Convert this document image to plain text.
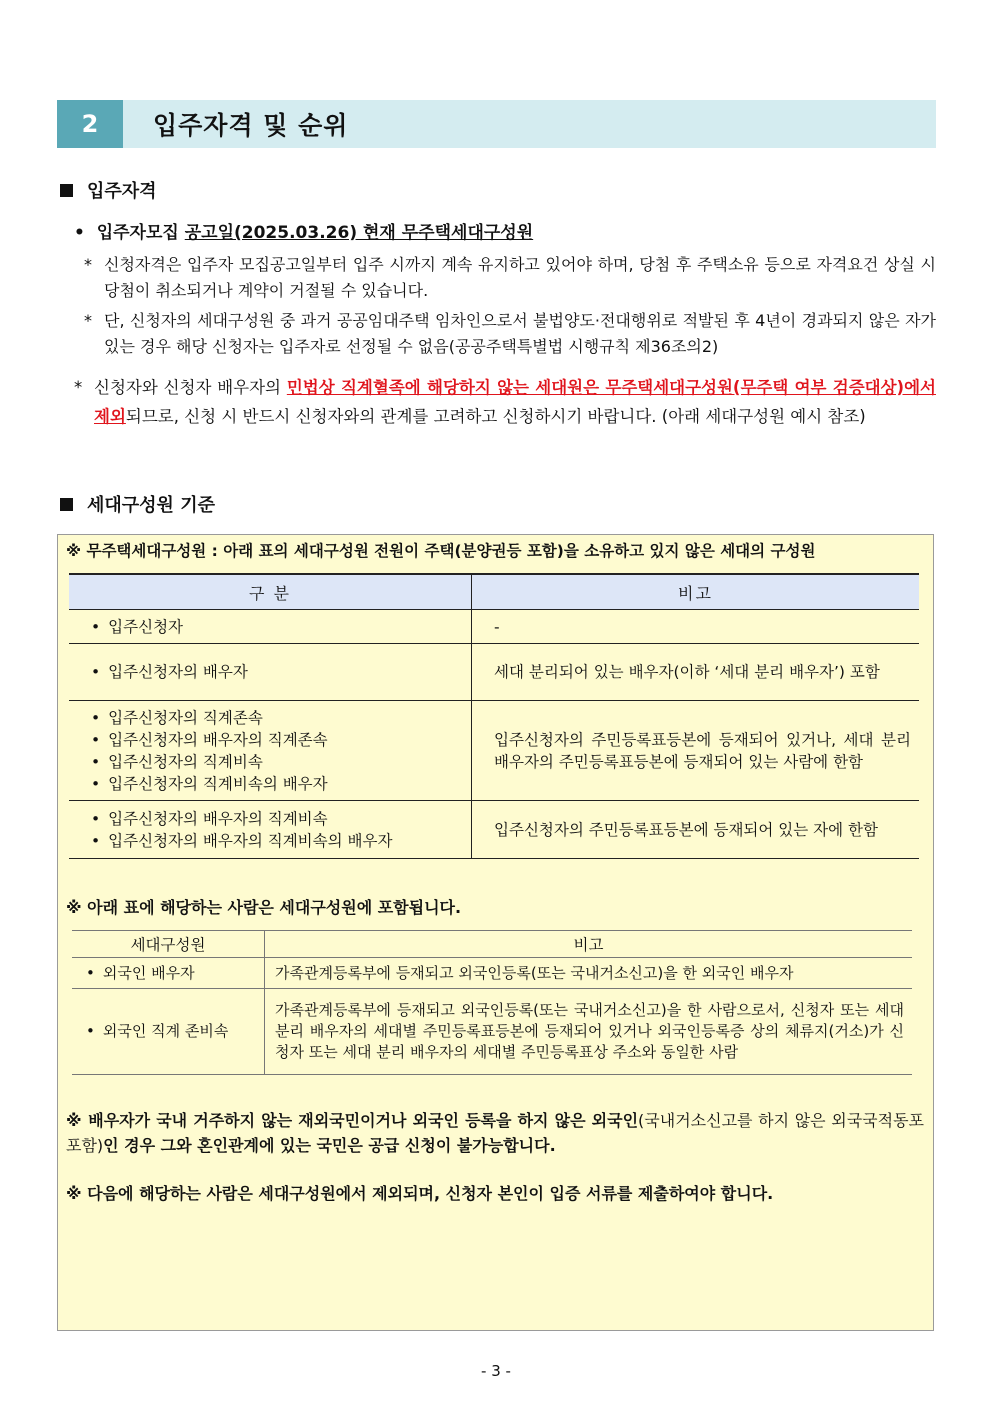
2	입주자격 및 순위
입주자격
•  입주자모집 공고일(2025.03.26) 현재 무주택세대구성원
* 신청자격은 입주자 모집공고일부터 입주 시까지 계속 유지하고 있어야 하며, 당첨 후 주택소유 등으로 자격요건 상실 시 당첨이 취소되거나 계약이 거절될 수 있습니다.
* 단, 신청자의 세대구성원 중 과거 공공임대주택 임차인으로서 불법양도·전대행위로 적발된 후 4년이 경과되지 않은 자가 있는 경우 해당 신청자는 입주자로 선정될 수 없음(공공주택특별법 시행규칙 제36조의2)
* 신청자와 신청자 배우자의 민법상 직계혈족에 해당하지 않는 세대원은 무주택세대구성원(무주택 여부 검증대상)에서 제외되므로, 신청 시 반드시 신청자와의 관계를 고려하고 신청하시기 바랍니다. (아래 세대구성원 예시 참조)
세대구성원 기준
※ 무주택세대구성원 : 아래 표의 세대구성원 전원이 주택(분양권등 포함)을 소유하고 있지 않은 세대의 구성원
구 분	비고

• 입주신청자	-

• 입주신청자의 배우자	세대 분리되어 있는 배우자(이하 ‘세대 분리 배우자’) 포함

• 입주신청자의 직계존속
• 입주신청자의 배우자의 직계존속
• 입주신청자의 직계비속
• 입주신청자의 직계비속의 배우자	입주신청자의 주민등록표등본에 등재되어 있거나, 세대 분리 배우자의 주민등록표등본에 등재되어 있는 사람에 한함

• 입주신청자의 배우자의 직계비속
• 입주신청자의 배우자의 직계비속의 배우자	입주신청자의 주민등록표등본에 등재되어 있는 자에 한함
※ 아래 표에 해당하는 사람은 세대구성원에 포함됩니다.
세대구성원	비고

• 외국인 배우자	가족관계등록부에 등재되고 외국인등록(또는 국내거소신고)을 한 외국인 배우자

• 외국인 직계 존비속	가족관계등록부에 등재되고 외국인등록(또는 국내거소신고)을 한 사람으로서, 신청자 또는 세대 분리 배우자의 세대별 주민등록표등본에 등재되어 있거나 외국인등록증 상의 체류지(거소)가 신청자 또는 세대 분리 배우자의 세대별 주민등록표상 주소와 동일한 사람
※ 배우자가 국내 거주하지 않는 재외국민이거나 외국인 등록을 하지 않은 외국인(국내거소신고를 하지 않은 외국국적동포 포함)인 경우 그와 혼인관계에 있는 국민은 공급 신청이 불가능합니다.
※ 다음에 해당하는 사람은 세대구성원에서 제외되며, 신청자 본인이 입증 서류를 제출하여야 합니다.
- 3 -
